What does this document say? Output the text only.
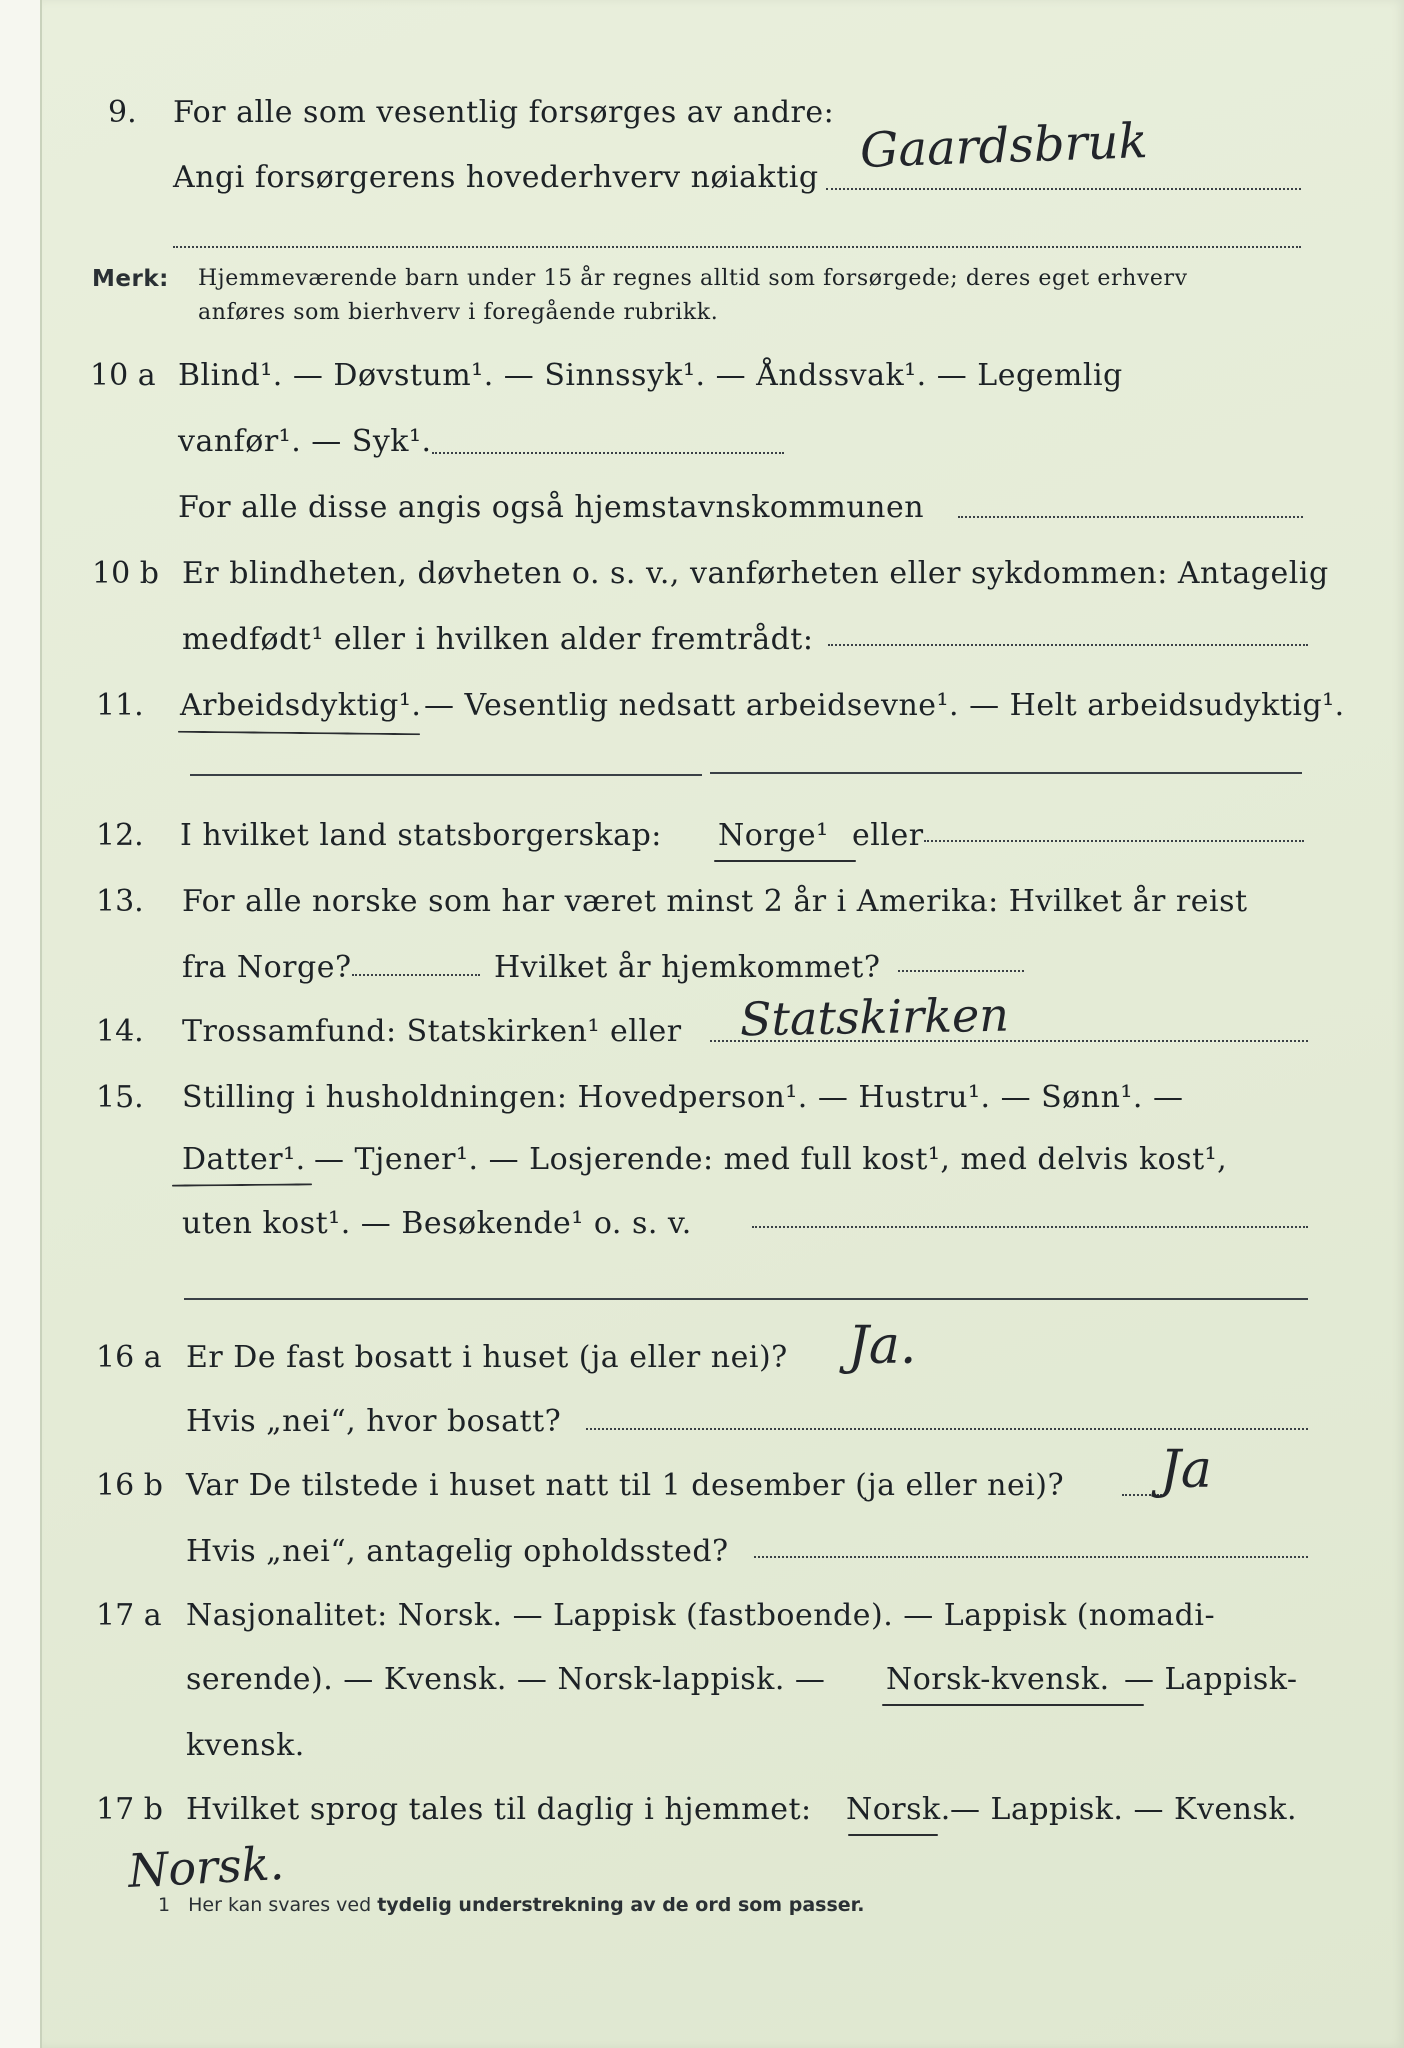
9. For alle som vesentlig forsørges av andre:
Angi forsørgerens hovederhverv nøiaktig Gaardsbruk
Merk: Hjemmeværende barn under 15 år regnes alltid som forsørgede; deres eget erhverv
anføres som bierhverv i foregående rubrikk.
10 a Blind¹. — Døvstum¹. — Sinnssyk¹. — Åndssvak¹. — Legemlig
vanfør¹. — Syk¹.
For alle disse angis også hjemstavnskommunen
10 b Er blindheten, døvheten o. s. v., vanførheten eller sykdommen: Antagelig
medfødt¹ eller i hvilken alder fremtrådt:
11. Arbeidsdyktig¹. — Vesentlig nedsatt arbeidsevne¹. — Helt arbeidsudyktig¹.
12. I hvilket land statsborgerskap: Norge¹ eller
13. For alle norske som har været minst 2 år i Amerika: Hvilket år reist
fra Norge?	Hvilket år hjemkommet?
14. Trossamfund: Statskirken¹ eller Statskirken
15. Stilling i husholdningen: Hovedperson¹. — Hustru¹. — Sønn¹. —
Datter¹. — Tjener¹. — Losjerende: med full kost¹, med delvis kost¹,
uten kost¹. — Besøkende¹ o. s. v.
16 a Er De fast bosatt i huset (ja eller nei)? Ja.
Hvis „nei“, hvor bosatt?
16 b Var De tilstede i huset natt til 1 desember (ja eller nei)? Ja
Hvis „nei“, antagelig opholdssted?
17 a Nasjonalitet: Norsk. — Lappisk (fastboende). — Lappisk (nomadi-
serende). — Kvensk. — Norsk-lappisk. — Norsk-kvensk. — Lappisk-
kvensk.
17 b Hvilket sprog tales til daglig i hjemmet: Norsk. — Lappisk. — Kvensk.
Norsk.
1 Her kan svares ved tydelig understrekning av de ord som passer.
